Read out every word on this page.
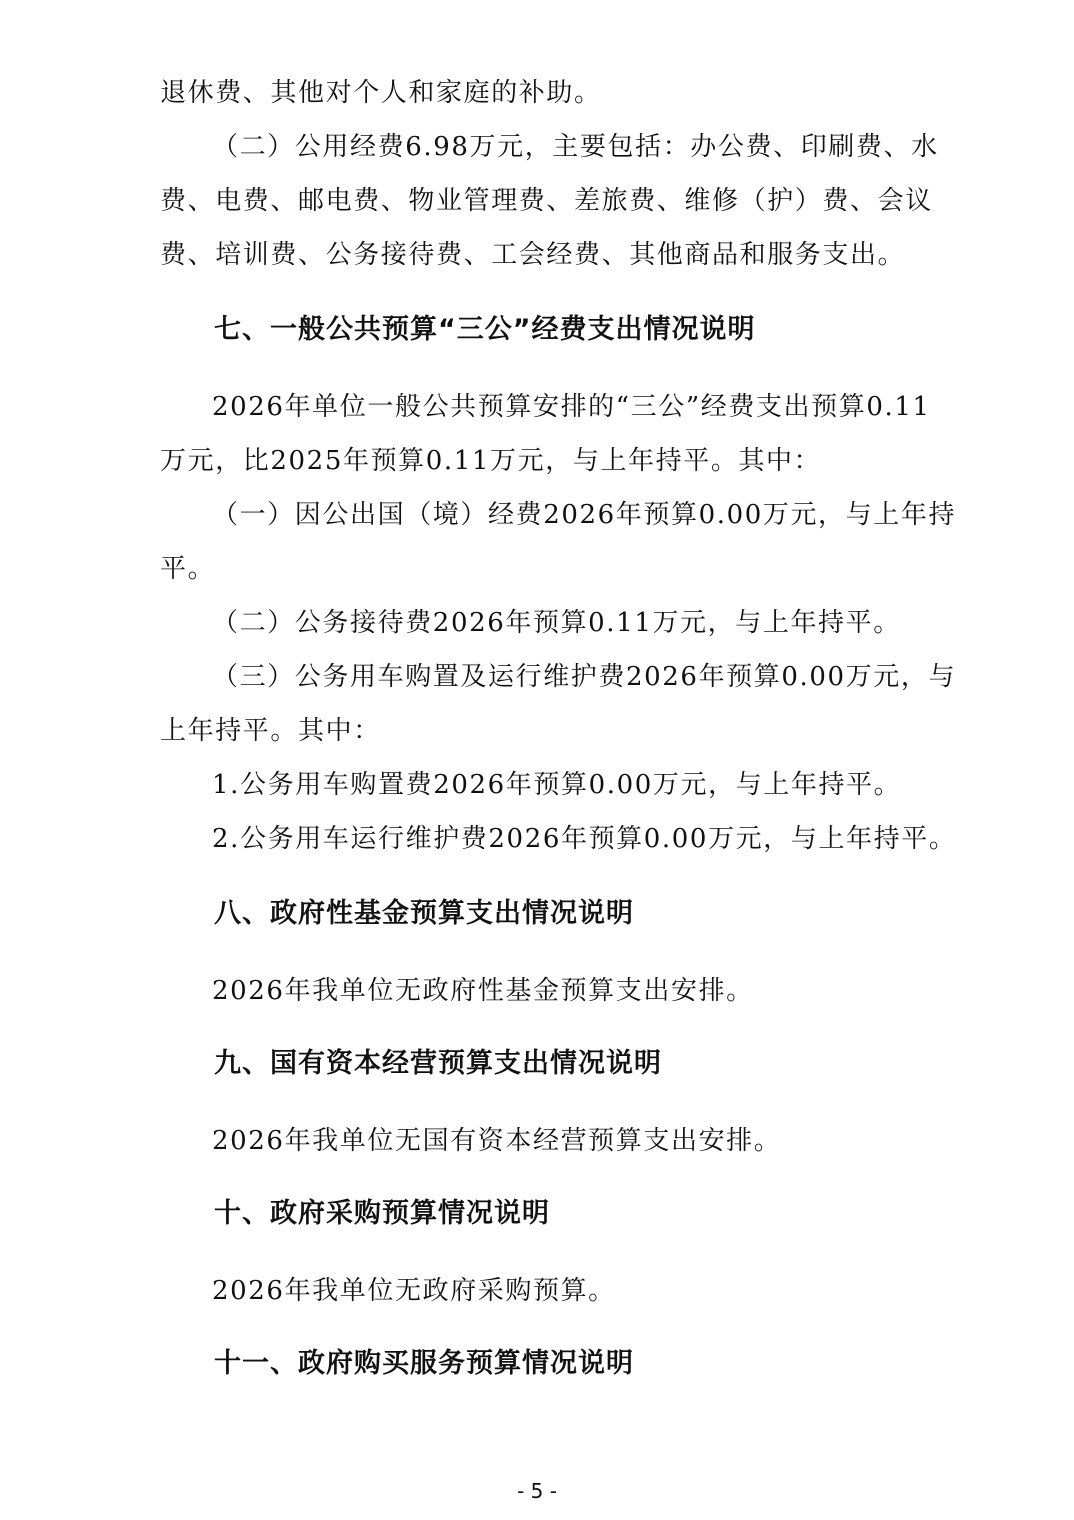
退休费、其他对个人和家庭的补助。
（二）公用经费6.98万元，主要包括：办公费、印刷费、水
费、电费、邮电费、物业管理费、差旅费、维修（护）费、会议
费、培训费、公务接待费、工会经费、其他商品和服务支出。
七、一般公共预算“三公”经费支出情况说明
2026年单位一般公共预算安排的“三公”经费支出预算0.11
万元，比2025年预算0.11万元，与上年持平。其中：
（一）因公出国（境）经费2026年预算0.00万元，与上年持
平。
（二）公务接待费2026年预算0.11万元，与上年持平。
（三）公务用车购置及运行维护费2026年预算0.00万元，与
上年持平。其中：
1.公务用车购置费2026年预算0.00万元，与上年持平。
2.公务用车运行维护费2026年预算0.00万元，与上年持平。
八、政府性基金预算支出情况说明
2026年我单位无政府性基金预算支出安排。
九、国有资本经营预算支出情况说明
2026年我单位无国有资本经营预算支出安排。
十、政府采购预算情况说明
2026年我单位无政府采购预算。
十一、政府购买服务预算情况说明
- 5 -
